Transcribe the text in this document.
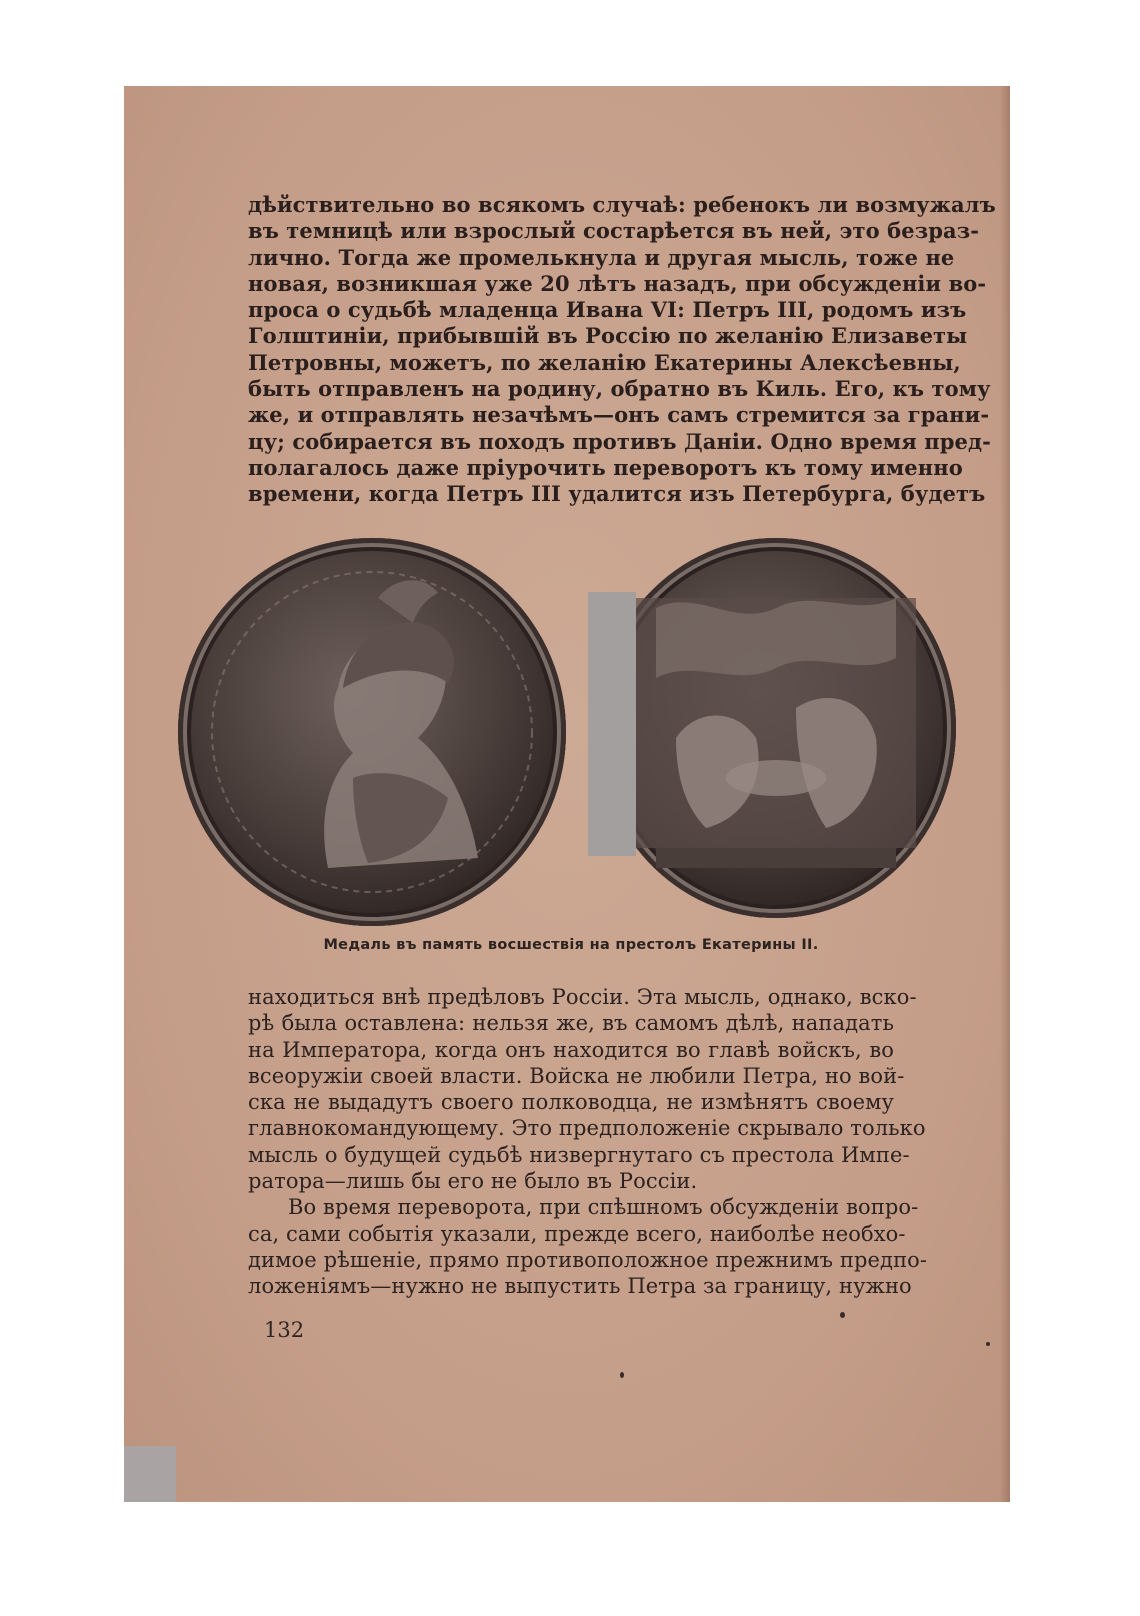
дѣйствительно во всякомъ случаѣ: ребенокъ ли возмужалъ
въ темницѣ или взрослый состарѣется въ ней, это безраз-
лично. Тогда же промелькнула и другая мысль, тоже не
новая, возникшая уже 20 лѣтъ назадъ, при обсужденіи во-
проса о судьбѣ младенца Ивана VI: Петръ III, родомъ изъ
Голштиніи, прибывшій въ Россію по желанію Елизаветы
Петровны, можетъ, по желанію Екатерины Алексѣевны,
быть отправленъ на родину, обратно въ Киль. Его, къ тому
же, и отправлять незачѣмъ—онъ самъ стремится за грани-
цу; собирается въ походъ противъ Даніи. Одно время пред-
полагалось даже пріурочить переворотъ къ тому именно
времени, когда Петръ III удалится изъ Петербурга, будетъ

Медаль въ память восшествія на престолъ Екатерины II.

находиться внѣ предѣловъ Россіи. Эта мысль, однако, вско-
рѣ была оставлена: нельзя же, въ самомъ дѣлѣ, нападать
на Императора, когда онъ находится во главѣ войскъ, во
всеоружіи своей власти. Войска не любили Петра, но вой-
ска не выдадутъ своего полководца, не измѣнятъ своему
главнокомандующему. Это предположеніе скрывало только
мысль о будущей судьбѣ низвергнутаго съ престола Импе-
ратора—лишь бы его не было въ Россіи.

Во время переворота, при спѣшномъ обсужденіи вопро-
са, сами событія указали, прежде всего, наиболѣе необхо-
димое рѣшеніе, прямо противоположное прежнимъ предпо-
ложеніямъ—нужно не выпустить Петра за границу, нужно

132
